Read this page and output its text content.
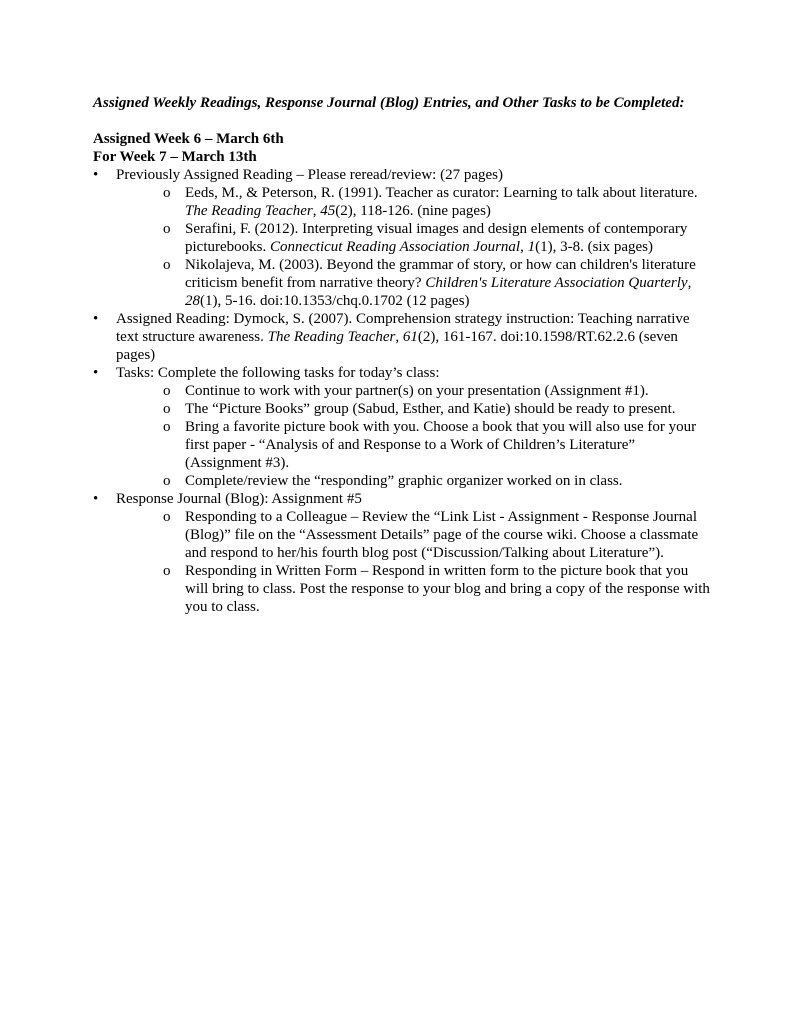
Assigned Weekly Readings, Response Journal (Blog) Entries, and Other Tasks to be Completed:

Assigned Week 6 – March 6th

For Week 7 – March 13th

• Previously Assigned Reading – Please reread/review: (27 pages)
o Eeds, M., & Peterson, R. (1991). Teacher as curator: Learning to talk about literature. The Reading Teacher, 45(2), 118-126. (nine pages)
o Serafini, F. (2012). Interpreting visual images and design elements of contemporary picturebooks. Connecticut Reading Association Journal, 1(1), 3-8. (six pages)
o Nikolajeva, M. (2003). Beyond the grammar of story, or how can children's literature criticism benefit from narrative theory? Children's Literature Association Quarterly, 28(1), 5-16. doi:10.1353/chq.0.1702 (12 pages)
• Assigned Reading: Dymock, S. (2007). Comprehension strategy instruction: Teaching narrative text structure awareness. The Reading Teacher, 61(2), 161-167. doi:10.1598/RT.62.2.6 (seven pages)
• Tasks: Complete the following tasks for today’s class:
o Continue to work with your partner(s) on your presentation (Assignment #1).
o The “Picture Books” group (Sabud, Esther, and Katie) should be ready to present.
o Bring a favorite picture book with you. Choose a book that you will also use for your first paper - “Analysis of and Response to a Work of Children’s Literature” (Assignment #3).
o Complete/review the “responding” graphic organizer worked on in class.
• Response Journal (Blog): Assignment #5
o Responding to a Colleague – Review the “Link List - Assignment - Response Journal (Blog)” file on the “Assessment Details” page of the course wiki. Choose a classmate and respond to her/his fourth blog post (“Discussion/Talking about Literature”).
o Responding in Written Form – Respond in written form to the picture book that you will bring to class. Post the response to your blog and bring a copy of the response with you to class.
